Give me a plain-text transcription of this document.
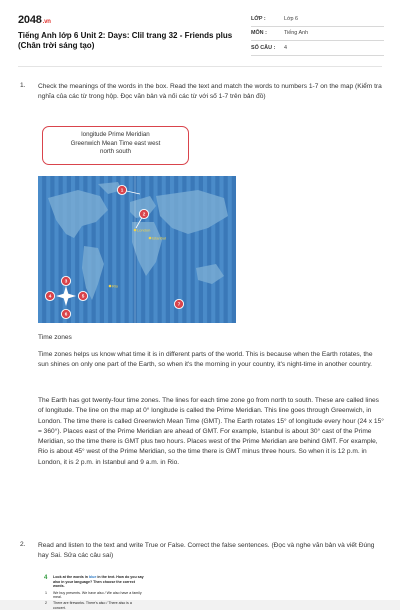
2048.vn
Tiếng Anh lớp 6 Unit 2: Days: Clil trang 32 - Friends plus (Chân trời sáng tạo)
LỚP :	Lớp 6
MÔN :	Tiếng Anh
SỐ CÂU :	4
1. Check the meanings of the words in the box. Read the text and match the words to numbers 1-7 on the map (Kiểm tra nghĩa của các từ trong hộp. Đọc văn bản và nối các từ với số 1-7 trên bản đồ)
longitude Prime Meridian
Greenwich Mean Time east west
north south
London
Istanbul
Rio
1
2
3
4	5
6
7
Time zones
Time zones helps us know what time it is in different parts of the world. This is because when the Earth rotates, the sun shines on only one part of the Earth, so when it's the morning in your country, it's night-time in another country.
The Earth has got twenty-four time zones. The lines for each time zone go from north to south. These are called lines of longitude. The line on the map at 0° longitude is called the Prime Meridian. This line goes through Greenwich, in London. The time there is called Greenwich Mean Time (GMT). The Earth rotates 15° of longitude every hour (24 x 15° = 360°). Places east of the Prime Meridian are ahead of GMT. For example, Istanbul is about 30° cast of the Prime Meridian, so the time there is GMT plus two hours. Places west of the Prime Meridian are behind GMT. For example, Rio is about 45° west of the Prime Meridian, so the time there is GMT minus three hours. So when it is 12 p.m. in London, it is 2 p.m. in Istanbul and 9 a.m. in Rio.
2. Read and listen to the text and write True or False. Correct the false sentences. (Đọc và nghe văn bản và viết Đúng hay Sai. Sửa các câu sai)
4	Look at the words in blue in the text. How do you say also in your language? Then choose the correct words.
1	We buy presents. We have also / We also have a family meal.
2	There are fireworks. There's also / There also is a concert.
